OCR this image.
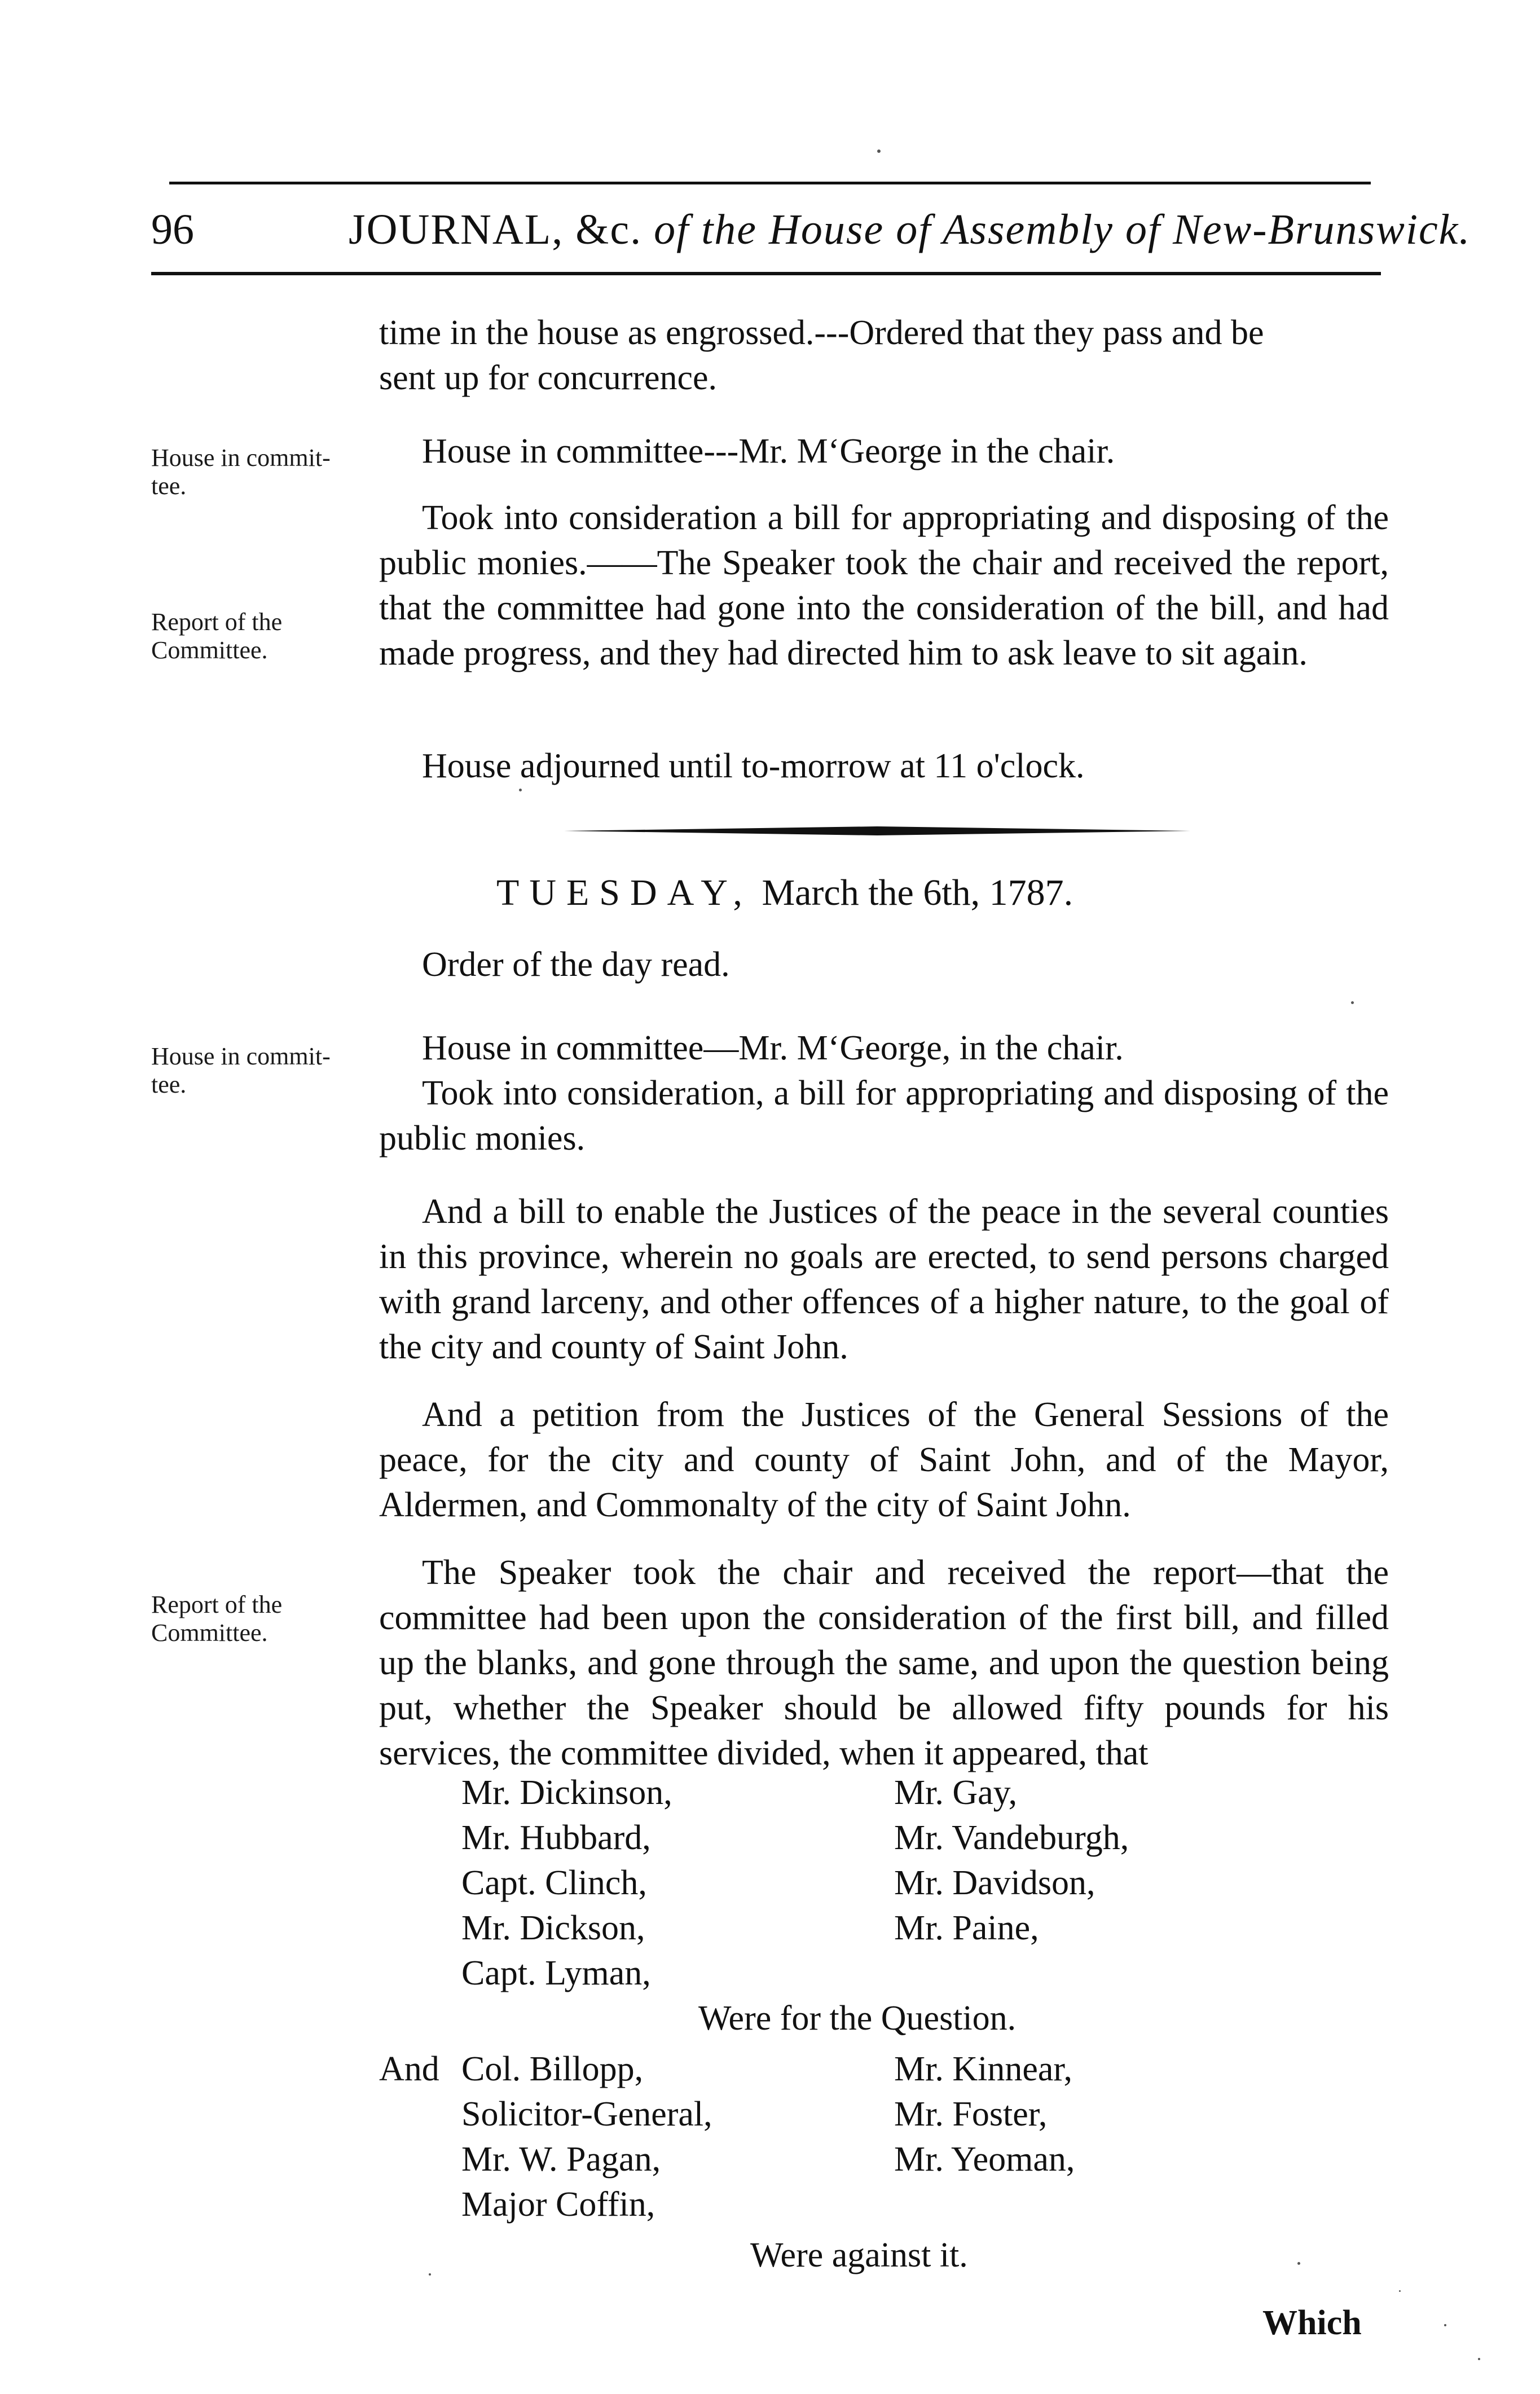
96	JOURNAL, &c. of the House of Assembly of New-Brunswick.
House in commit-tee.
Report of the Committee.
House in commit-tee.
Report of the Committee.
time in the house as engrossed.---Ordered that they pass and be
sent up for concurrence.
House in committee---Mr. M‘George in the chair.
Took into consideration a bill for appropriating and disposing of the public monies.——The Speaker took the chair and received the report, that the committee had gone into the consideration of the bill, and had made progress, and they had directed him to ask leave to sit again.
House adjourned until to-morrow at 11 o'clock.
TUESDAY, March the 6th, 1787.
Order of the day read.
House in committee—Mr. M‘George, in the chair.
Took into consideration, a bill for appropriating and disposing of the public monies.
And a bill to enable the Justices of the peace in the several counties in this province, wherein no goals are erected, to send persons charged with grand larceny, and other offences of a higher nature, to the goal of the city and county of Saint John.
And a petition from the Justices of the General Sessions of the peace, for the city and county of Saint John, and of the Mayor, Aldermen, and Commonalty of the city of Saint John.
The Speaker took the chair and received the report—that the committee had been upon the consideration of the first bill, and filled up the blanks, and gone through the same, and upon the question being put, whether the Speaker should be allowed fifty pounds for his services, the committee divided, when it appeared, that
Mr. Dickinson,
Mr. Hubbard,
Capt. Clinch,
Mr. Dickson,
Capt. Lyman,
Mr. Gay,
Mr. Vandeburgh,
Mr. Davidson,
Mr. Paine,
Were for the Question.
And Col. Billopp,
Solicitor-General,
Mr. W. Pagan,
Major Coffin,
Mr. Kinnear,
Mr. Foster,
Mr. Yeoman,
Were against it.
Which
